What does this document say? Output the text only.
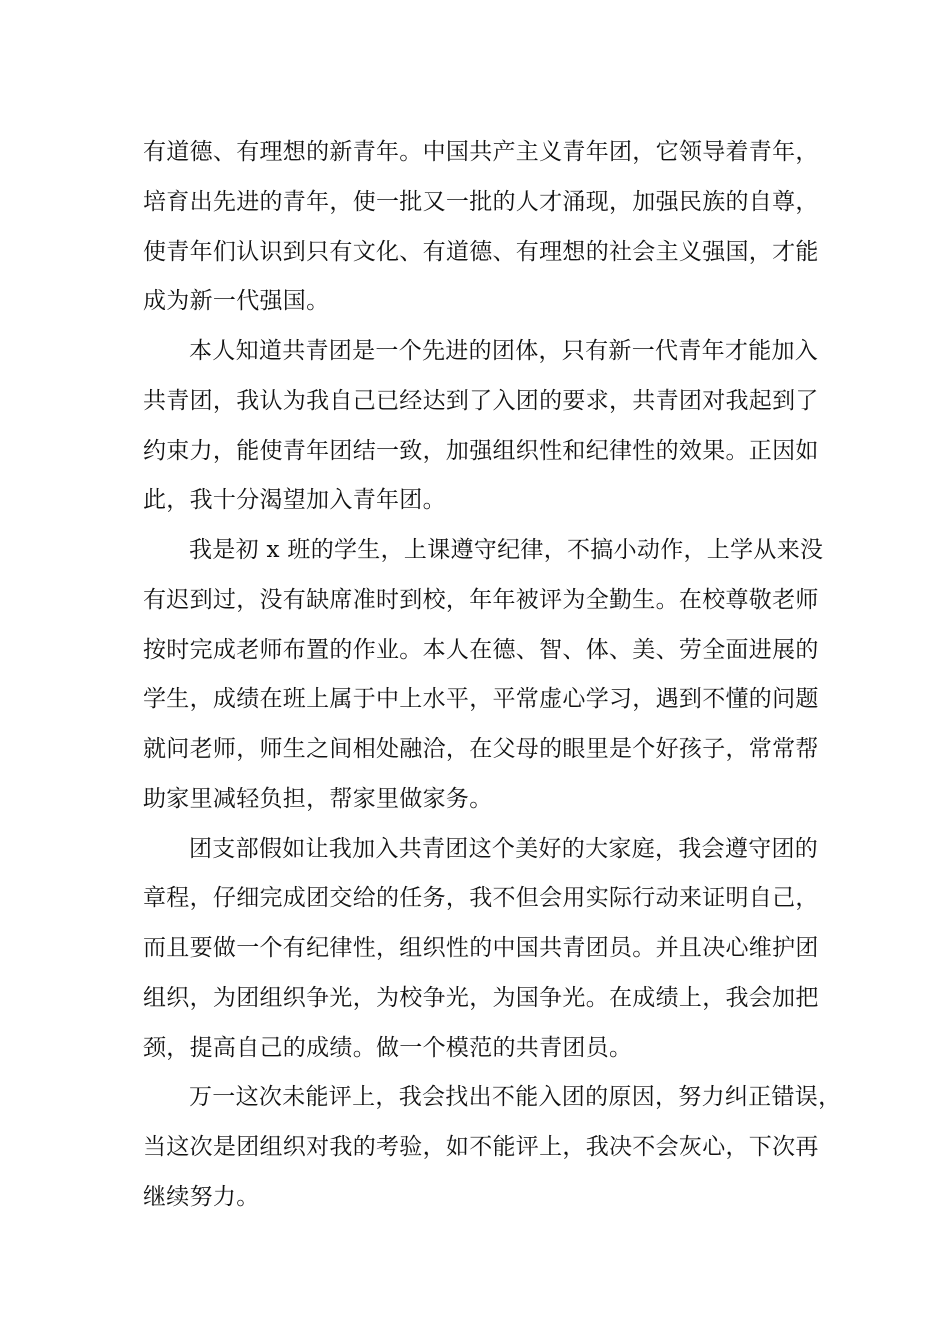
有道德、有理想的新青年。中国共产主义青年团，它领导着青年，
培育出先进的青年，使一批又一批的人才涌现，加强民族的自尊，
使青年们认识到只有文化、有道德、有理想的社会主义强国，才能
成为新一代强国。
本人知道共青团是一个先进的团体，只有新一代青年才能加入
共青团，我认为我自己已经达到了入团的要求，共青团对我起到了
约束力，能使青年团结一致，加强组织性和纪律性的效果。正因如
此，我十分渴望加入青年团。
我是初 x 班的学生，上课遵守纪律，不搞小动作，上学从来没
有迟到过，没有缺席准时到校，年年被评为全勤生。在校尊敬老师
按时完成老师布置的作业。本人在德、智、体、美、劳全面进展的
学生，成绩在班上属于中上水平，平常虚心学习，遇到不懂的问题
就问老师，师生之间相处融洽，在父母的眼里是个好孩子，常常帮
助家里减轻负担，帮家里做家务。
团支部假如让我加入共青团这个美好的大家庭，我会遵守团的
章程，仔细完成团交给的任务，我不但会用实际行动来证明自己，
而且要做一个有纪律性，组织性的中国共青团员。并且决心维护团
组织，为团组织争光，为校争光，为国争光。在成绩上，我会加把
颈，提高自己的成绩。做一个模范的共青团员。
万一这次未能评上，我会找出不能入团的原因，努力纠正错误，
当这次是团组织对我的考验，如不能评上，我决不会灰心，下次再
继续努力。
